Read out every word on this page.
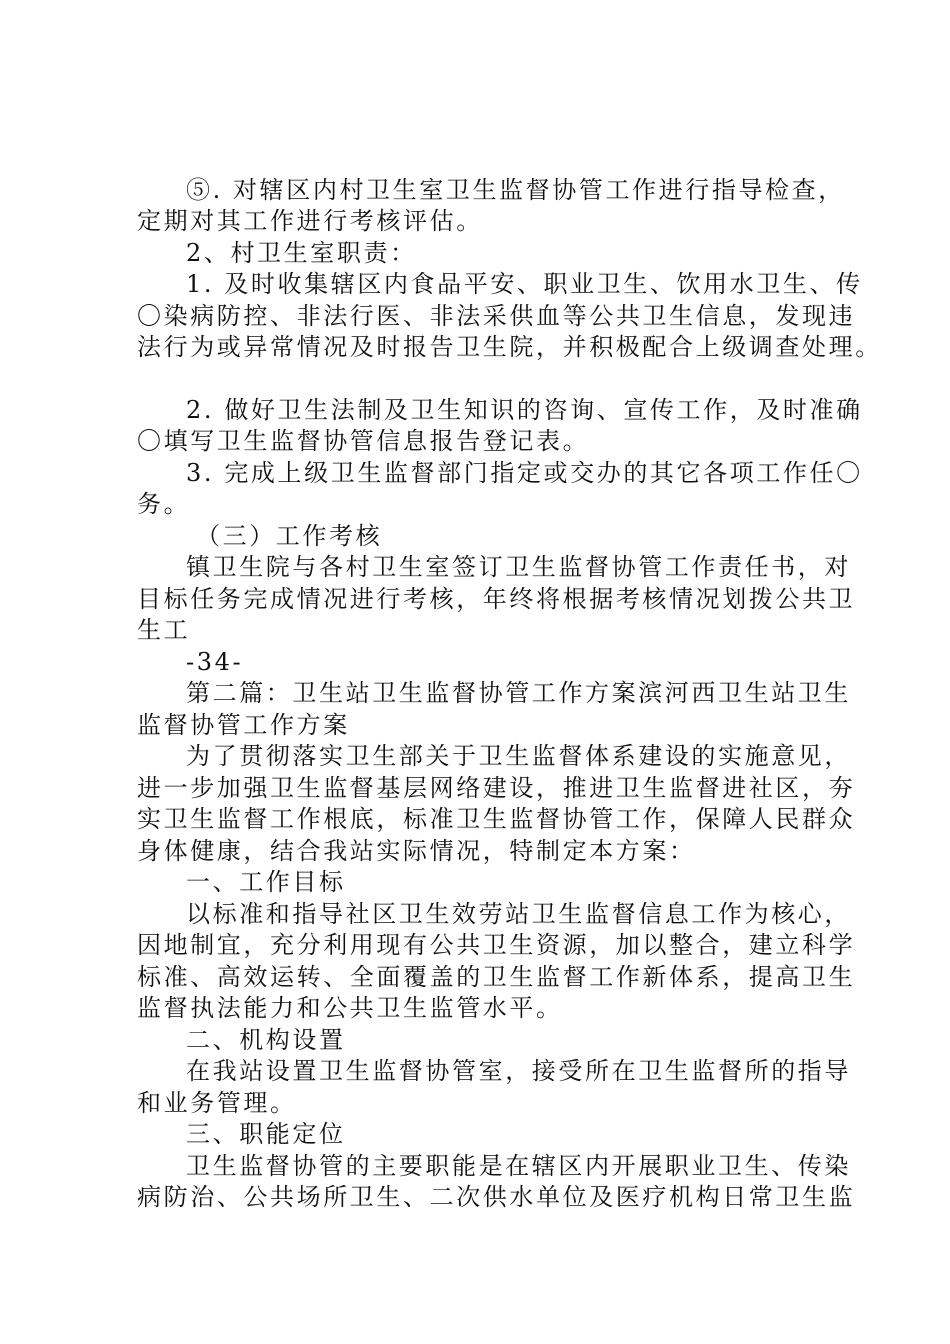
⑤. 对辖区内村卫生室卫生监督协管工作进行指导检查，

定期对其工作进行考核评估。

2、村卫生室职责：

1. 及时收集辖区内食品平安、职业卫生、饮用水卫生、传

〇染病防控、非法行医、非法采供血等公共卫生信息，发现违

法行为或异常情况及时报告卫生院，并积极配合上级调查处理。

2. 做好卫生法制及卫生知识的咨询、宣传工作，及时准确

〇填写卫生监督协管信息报告登记表。

3. 完成上级卫生监督部门指定或交办的其它各项工作任〇

务。

（三）工作考核

镇卫生院与各村卫生室签订卫生监督协管工作责任书，对

目标任务完成情况进行考核，年终将根据考核情况划拨公共卫

生工

-34-

第二篇：卫生站卫生监督协管工作方案滨河西卫生站卫生

监督协管工作方案

为了贯彻落实卫生部关于卫生监督体系建设的实施意见，

进一步加强卫生监督基层网络建设，推进卫生监督进社区，夯

实卫生监督工作根底，标准卫生监督协管工作，保障人民群众

身体健康，结合我站实际情况，特制定本方案：

一、工作目标

以标准和指导社区卫生效劳站卫生监督信息工作为核心，

因地制宜，充分利用现有公共卫生资源，加以整合，建立科学

标准、高效运转、全面覆盖的卫生监督工作新体系，提高卫生

监督执法能力和公共卫生监管水平。

二、机构设置

在我站设置卫生监督协管室，接受所在卫生监督所的指导

和业务管理。

三、职能定位

卫生监督协管的主要职能是在辖区内开展职业卫生、传染

病防治、公共场所卫生、二次供水单位及医疗机构日常卫生监
